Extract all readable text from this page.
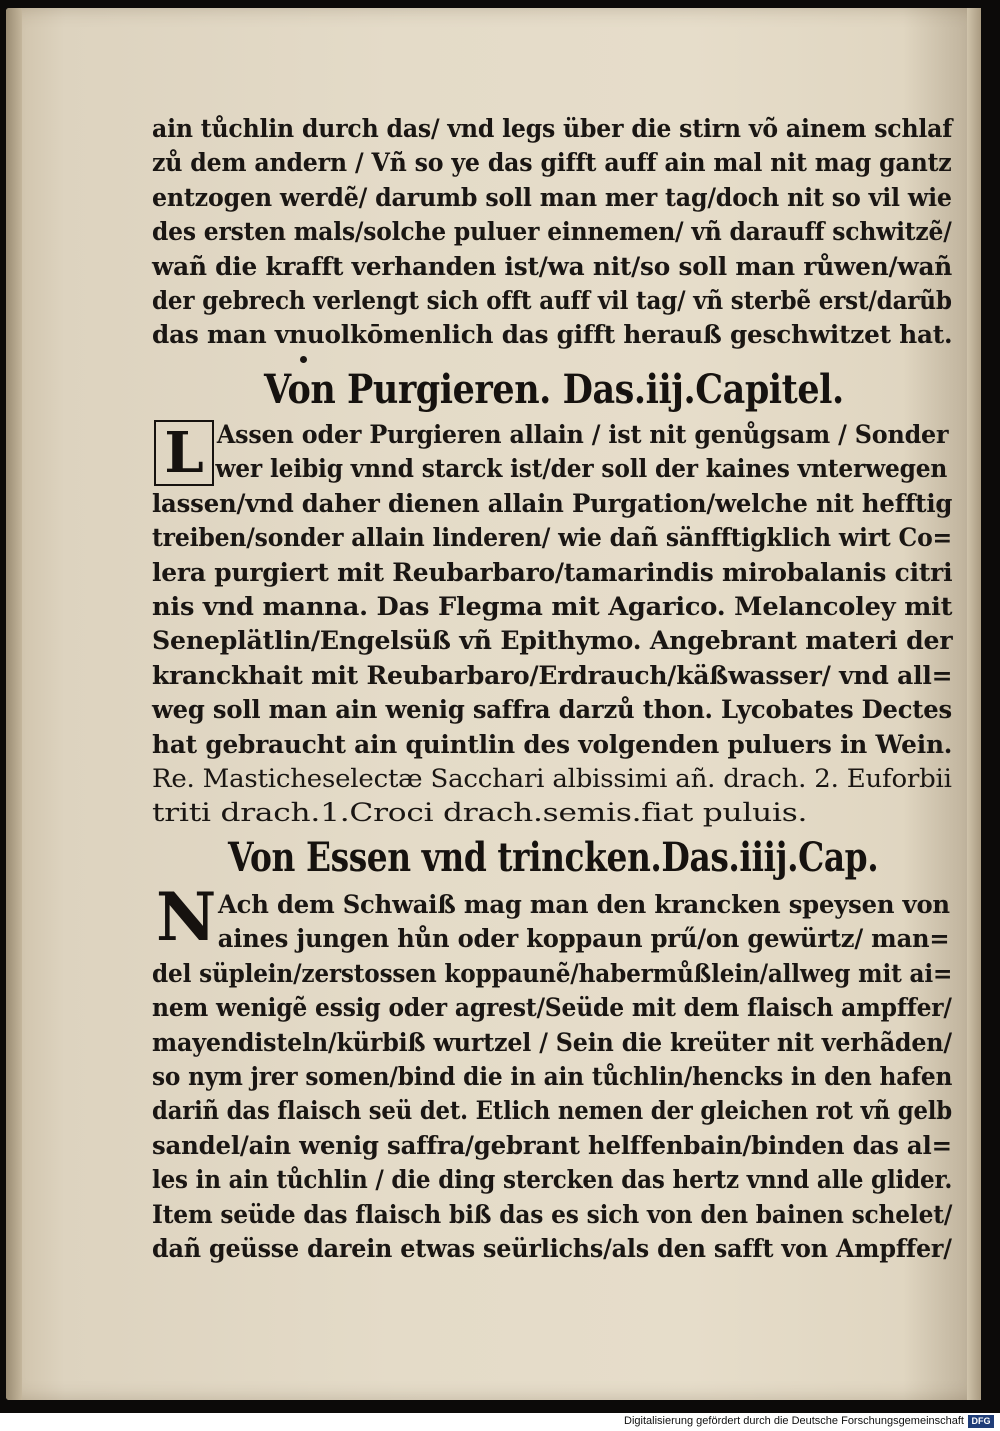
ain tůchlin durch das/ vnd legs über die stirn võ ainem schlaf
zů dem andern / Vñ so ye das gifft auff ain mal nit mag gantz
entzogen werdẽ/ darumb soll man mer tag/doch nit so vil wie
des ersten mals/solche puluer einnemen/ vñ darauff schwitzẽ/
wañ die krafft verhanden ist/wa nit/so soll man růwen/wañ
der gebrech verlengt sich offt auff vil tag/ vñ sterbẽ erst/darũb
das man vnuolkōmenlich das gifft herauß geschwitzet hat.
Von Purgieren. Das.iij.Capitel.
L Assen oder Purgieren allain / ist nit genůgsam / Sonder
wer leibig vnnd starck ist/der soll der kaines vnterwegen
lassen/vnd daher dienen allain Purgation/welche nit hefftig
treiben/sonder allain linderen/ wie dañ sänfftigklich wirt Co=
lera purgiert mit Reubarbaro/tamarindis mirobalanis citri
nis vnd manna. Das Flegma mit Agarico. Melancoley mit
Seneplätlin/Engelsüß vñ Epithymo. Angebrant materi der
kranckhait mit Reubarbaro/Erdrauch/käßwasser/ vnd all=
weg soll man ain wenig saffra darzů thon. Lycobates Dectes
hat gebraucht ain quintlin des volgenden puluers in Wein.
Re. Masticheselectæ Sacchari albissimi añ. drach. 2. Euforbii
triti drach.1.Croci drach.semis.fiat puluis.
Von Essen vnd trincken.Das.iiij.Cap.
N Ach dem Schwaiß mag man den krancken speysen von
aines jungen hůn oder koppaun prű/on gewürtz/ man=
del süplein/zerstossen koppaunẽ/habermůßlein/allweg mit ai=
nem wenigẽ essig oder agrest/Seüde mit dem flaisch ampffer/
mayendisteln/kürbiß wurtzel / Sein die kreüter nit verhãden/
so nym jrer somen/bind die in ain tůchlin/hencks in den hafen
dariñ das flaisch seü det. Etlich nemen der gleichen rot vñ gelb
sandel/ain wenig saffra/gebrant helffenbain/binden das al=
les in ain tůchlin / die ding stercken das hertz vnnd alle glider.
Item seüde das flaisch biß das es sich von den bainen schelet/
dañ geüsse darein etwas seürlichs/als den safft von Ampffer/
Digitalisierung gefördert durch die Deutsche Forschungsgemeinschaft DFG
